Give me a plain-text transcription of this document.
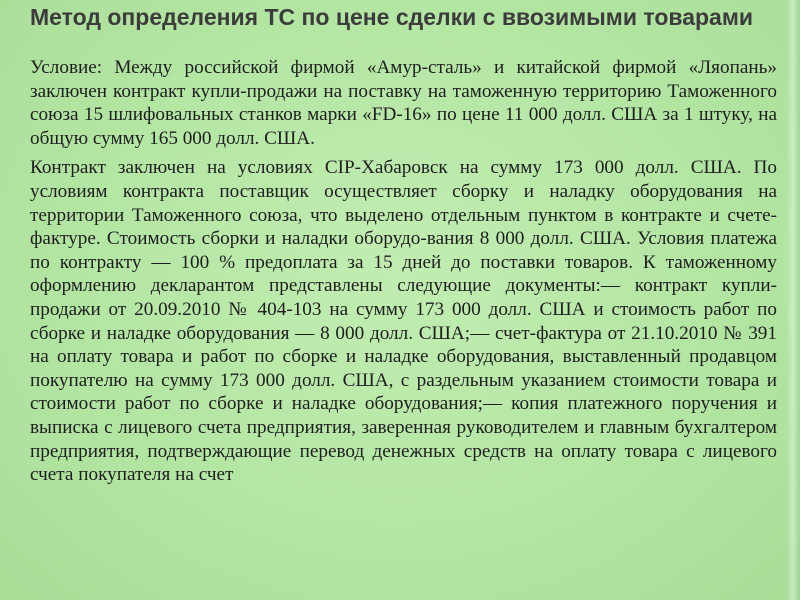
Метод определения ТС по цене сделки с ввозимыми товарами

Условие: Между российской фирмой «Амур-сталь» и китайской фирмой «Ляопань» заключен контракт купли-продажи на поставку на таможенную территорию Таможенного союза 15 шлифовальных станков марки «FD-16» по цене 11 000 долл. США за 1 штуку, на общую сумму 165 000 долл. США.

Контракт заключен на условиях CIP-Хабаровск на сумму 173 000 долл. США. По условиям контракта поставщик осуществляет сборку и наладку оборудования на территории Таможенного союза, что выделено отдельным пунктом в контракте и счете-фактуре. Стоимость сборки и наладки оборудо-вания 8 000 долл. США. Условия платежа по контракту — 100 % предоплата за 15 дней до поставки товаров. К таможенному оформлению декларантом представлены следующие документы:— контракт купли-продажи от 20.09.2010 № 404-103 на сумму 173 000 долл. США и стоимость работ по сборке и наладке оборудования — 8 000 долл. США;— счет-фактура от 21.10.2010 № 391 на оплату товара и работ по сборке и наладке оборудования, выставленный продавцом покупателю на сумму 173 000 долл. США, с раздельным указанием стоимости товара и стоимости работ по сборке и наладке оборудования;— копия платежного поручения и выписка с лицевого счета предприятия, заверенная руководителем и главным бухгалтером предприятия, подтверждающие перевод денежных средств на оплату товара с лицевого счета покупателя на счет
